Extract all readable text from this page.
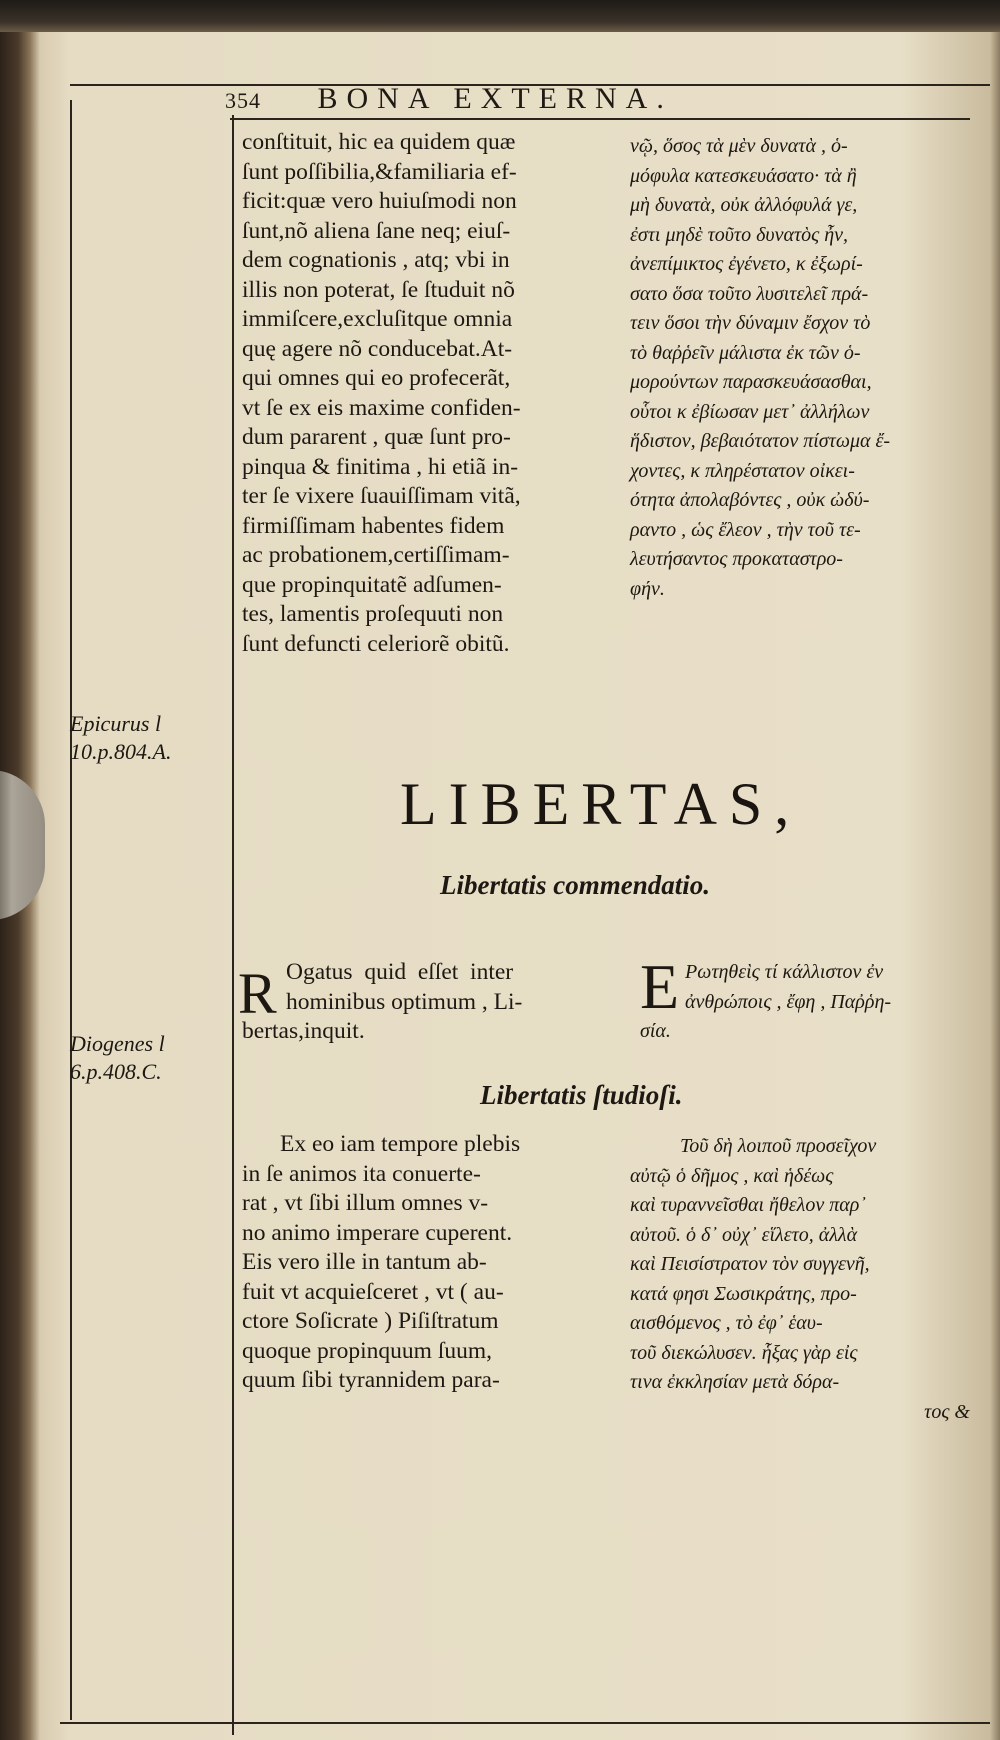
354 BONA EXTERNA.

conſtituit, hic ea quidem quæ

ſunt poſſibilia,&familiaria ef-

ficit:quæ vero huiuſmodi non

ſunt,nõ aliena ſane neq; eiuſ-

dem cognationis , atq; vbi in

illis non poterat, ſe ſtuduit nõ

immiſcere,excluſitque omnia

quę agere nõ conducebat.At-

qui omnes qui eo profecerãt,

vt ſe ex eis maxime confiden-

dum pararent , quæ ſunt pro-

pinqua & finitima , hi etiã in-

ter ſe vixere ſuauiſſimam vitã,

firmiſſimam habentes fidem

ac probationem,certiſſimam-

que propinquitatẽ adſumen-

tes, lamentis proſequuti non

ſunt defuncti celeriorẽ obitũ.

νῷ, ὅσος τὰ μὲν δυνατὰ , ὁ-

μόφυλα κατεσκευάσατο· τὰ ἢ

μὴ δυνατὰ, οὐκ ἀλλόφυλά γε,

ἐστι μηδὲ τοῦτο δυνατὸς ἦν,

ἀνεπίμικτος ἐγένετο, κ ἐξωρί-

σατο ὅσα τοῦτο λυσιτελεῖ πρά-

τειν ὅσοι τὴν δύναμιν ἔσχον τὸ

τὸ θαῤῥεῖν μάλιστα ἐκ τῶν ὁ-

μορούντων παρασκευάσασθαι,

οὗτοι κ ἐβίωσαν μετ᾽ ἀλλήλων

ἥδιστον, βεβαιότατον πίστωμα ἔ-

χοντες, κ πληρέστατον οἰκει-

ότητα ἀπολαβόντες , οὐκ ὠδύ-

ραντο , ὡς ἔλεον , τὴν τοῦ τε-

λευτήσαντος προκαταστρο-

φήν.

Epicurus l
10.p.804.A.
Diogenes l
6.p.408.C.
LIBERTAS,
Libertatis commendatio.
R Ogatus  quid  eſſet  inter

hominibus optimum , Li-

bertas,inquit.

E Ρωτηθεὶς τί κάλλιστον ἐν

ἀνθρώποις , ἔφη , Παῤῥη-

σία.

Libertatis ſtudioſi.

Ex eo iam tempore plebis

in ſe animos ita conuerte-

rat , vt ſibi illum omnes v-

no animo imperare cuperent.

Eis vero ille in tantum ab-

fuit vt acquieſceret , vt ( au-

ctore Soſicrate ) Piſiſtratum

quoque propinquum ſuum,

quum ſibi tyrannidem para-

Τοῦ δὴ λοιποῦ προσεῖχον

αὐτῷ ὁ δῆμος , καὶ ἡδέως

καὶ τυραννεῖσθαι ἤθελον παρ᾽

αὐτοῦ. ὁ δ᾽ οὐχ᾽ εἵλετο, ἀλλὰ

καὶ Πεισίστρατον τὸν συγγενῆ,

κατά φησι Σωσικράτης, προ-

αισθόμενος , τὸ ἐφ᾽ ἑαυ-

τοῦ διεκώλυσεν. ἧξας γὰρ εἰς

τινα ἐκκλησίαν μετὰ δόρα-

τος &
